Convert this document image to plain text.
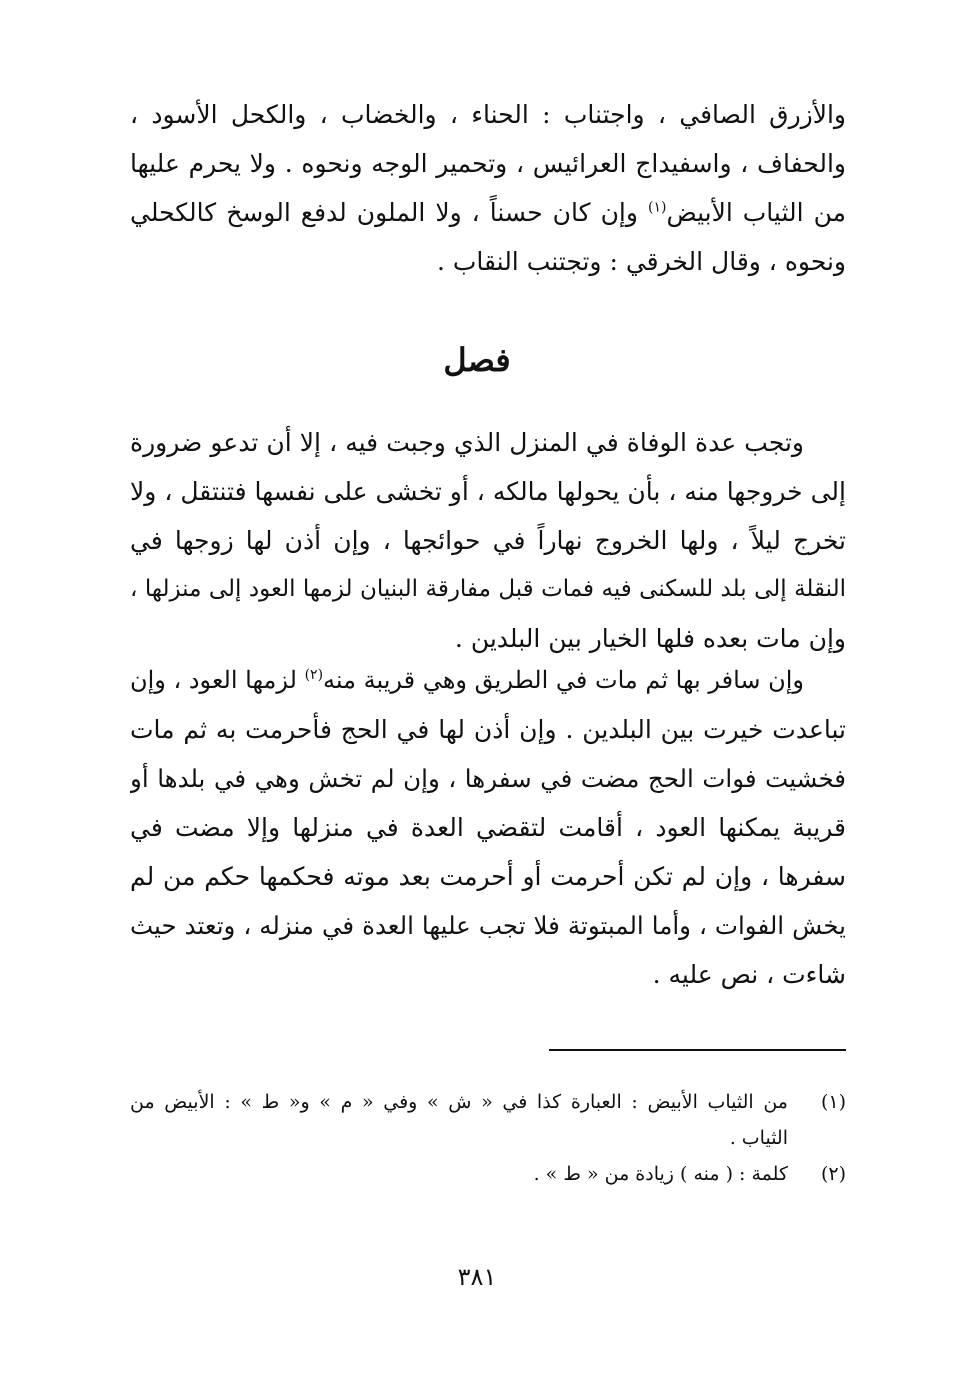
والأزرق الصافي ، واجتناب : الحناء ، والخضاب ، والكحل الأسود ،
والحفاف ، واسفيداج العرائيس ، وتحمير الوجه ونحوه . ولا يحرم عليها
من الثياب الأبيض$^{(١)}$ وإن كان حسناً ، ولا الملون لدفع الوسخ كالكحلي
ونحوه ، وقال الخرقي : وتجتنب النقاب .
فصل
وتجب عدة الوفاة في المنزل الذي وجبت فيه ، إلا أن تدعو ضرورة
إلى خروجها منه ، بأن يحولها مالكه ، أو تخشى على نفسها فتنتقل ، ولا
تخرج ليلاً ، ولها الخروج نهاراً في حوائجها ، وإن أذن لها زوجها في
النقلة إلى بلد للسكنى فيه فمات قبل مفارقة البنيان لزمها العود إلى منزلها ،
وإن مات بعده فلها الخيار بين البلدين .
وإن سافر بها ثم مات في الطريق وهي قريبة منه$^{(٢)}$ لزمها العود ، وإن
تباعدت خيرت بين البلدين . وإن أذن لها في الحج فأحرمت به ثم مات
فخشيت فوات الحج مضت في سفرها ، وإن لم تخش وهي في بلدها أو
قريبة يمكنها العود ، أقامت لتقضي العدة في منزلها وإلا مضت في
سفرها ، وإن لم تكن أحرمت أو أحرمت بعد موته فحكمها حكم من لم
يخش الفوات ، وأما المبتوتة فلا تجب عليها العدة في منزله ، وتعتد حيث
شاءت ، نص عليه .
(١)
من الثياب الأبيض : العبارة كذا في « ش » وفي « م » و« ط » : الأبيض من
الثياب .
(٢)
كلمة : ( منه ) زيادة من « ط » .
٣٨١
